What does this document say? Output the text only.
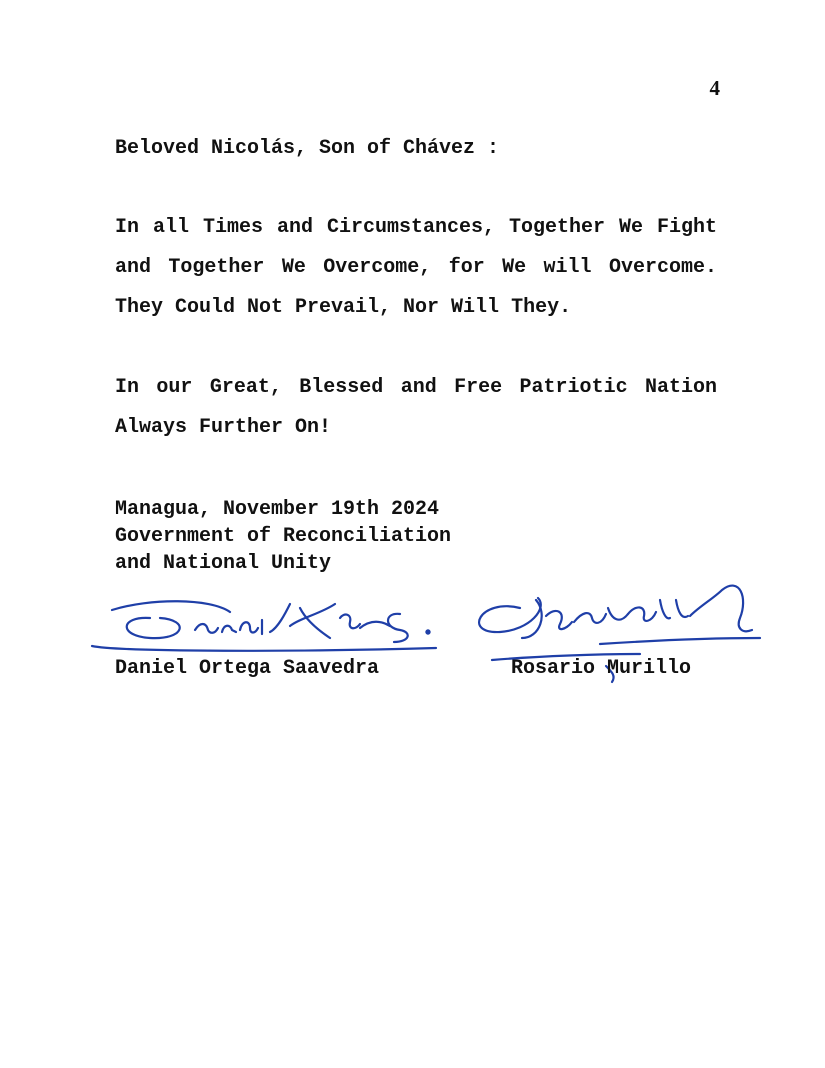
4
Beloved Nicolás, Son of Chávez :
In all Times and Circumstances, Together We Fight and Together We Overcome, for We will Overcome. They Could Not Prevail, Nor Will They.
In our Great, Blessed and Free Patriotic Nation Always Further On!
Managua, November 19th 2024
Government of Reconciliation
and National Unity
Daniel Ortega Saavedra	Rosario Murillo
